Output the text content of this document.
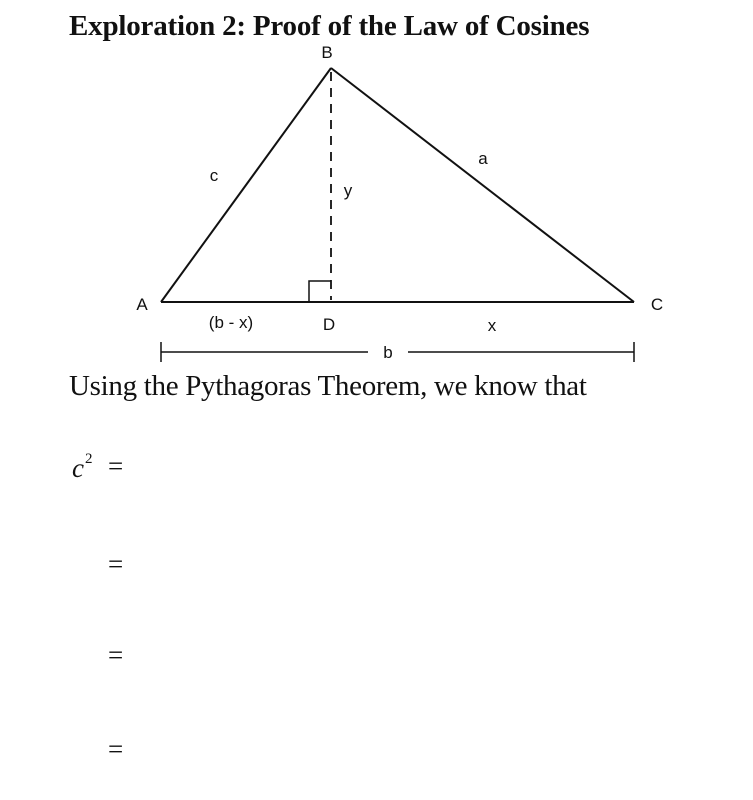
Exploration 2: Proof of the Law of Cosines
B
A	C
D
c
a
y
(b - x)	x
b

Using the Pythagoras Theorem, we know that

$c^2$ =
=
=
=
